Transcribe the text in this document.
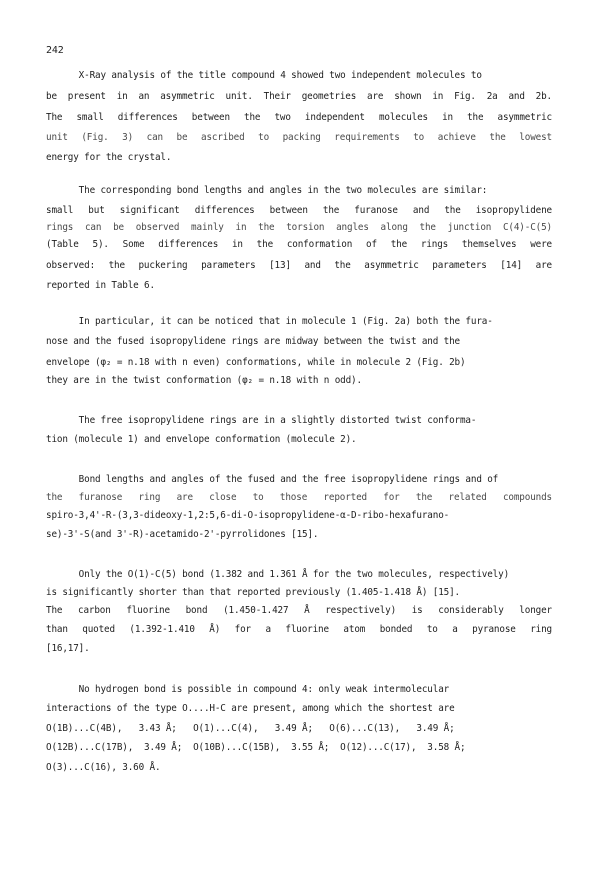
242
X-Ray analysis of the title compound 4 showed two independent molecules to
be present in an asymmetric unit. Their geometries are shown in Fig. 2a and 2b.
The small differences between the two independent molecules in the asymmetric
unit (Fig. 3) can be ascribed to packing requirements to achieve the lowest
energy for the crystal.
The corresponding bond lengths and angles in the two molecules are similar:
small but significant differences between the furanose and the isopropylidene
rings can be observed mainly in the torsion angles along the junction C(4)-C(5)
(Table 5). Some differences in the conformation of the rings themselves were
observed: the puckering parameters [13] and the asymmetric parameters [14] are
reported in Table 6.
In particular, it can be noticed that in molecule 1 (Fig. 2a) both the fura-
nose and the fused isopropylidene rings are midway between the twist and the
envelope (φ₂ = n.18 with n even) conformations, while in molecule 2 (Fig. 2b)
they are in the twist conformation (φ₂ = n.18 with n odd).
The free isopropylidene rings are in a slightly distorted twist conforma-
tion (molecule 1) and envelope conformation (molecule 2).
Bond lengths and angles of the fused and the free isopropylidene rings and of
the furanose ring are close to those reported for the related compounds
spiro-3,4'-R-(3,3-dideoxy-1,2:5,6-di-O-isopropylidene-α-D-ribo-hexafurano-
se)-3'-S(and 3'-R)-acetamido-2'-pyrrolidones [15].
Only the O(1)-C(5) bond (1.382 and 1.361 Å for the two molecules, respectively)
is significantly shorter than that reported previously (1.405-1.418 Å) [15].
The carbon fluorine bond (1.450-1.427 Å respectively) is considerably longer
than quoted (1.392-1.410 Å) for a fluorine atom bonded to a pyranose ring
[16,17].
No hydrogen bond is possible in compound 4: only weak intermolecular
interactions of the type O....H-C are present, among which the shortest are
O(1B)...C(4B),   3.43 Å;   O(1)...C(4),   3.49 Å;   O(6)...C(13),   3.49 Å;
O(12B)...C(17B),  3.49 Å;  O(10B)...C(15B),  3.55 Å;  O(12)...C(17),  3.58 Å;
O(3)...C(16), 3.60 Å.
